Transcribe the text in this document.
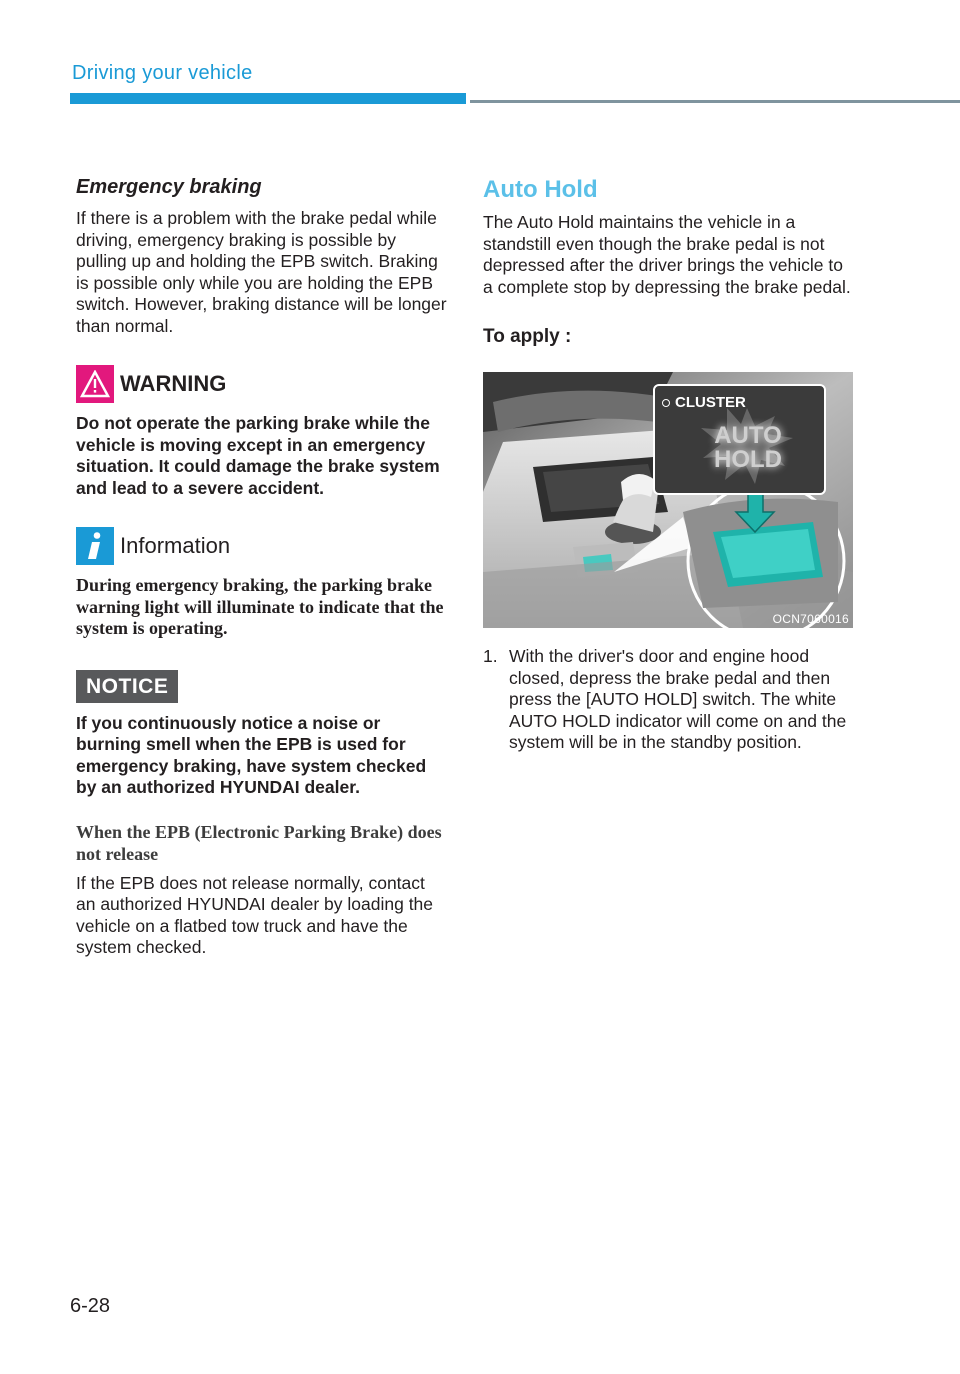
Driving your vehicle
Emergency braking

If there is a problem with the brake pedal while driving, emergency braking is possible by pulling up and holding the EPB switch. Braking is possible only while you are holding the EPB switch. However, braking distance will be longer than normal.

WARNING

Do not operate the parking brake while the vehicle is moving except in an emergency situation. It could damage the brake system and lead to a severe accident.

Information

During emergency braking, the parking brake warning light will illuminate to indicate that the system is operating.

NOTICE

If you continuously notice a noise or burning smell when the EPB is used for emergency braking, have system checked by an authorized HYUNDAI dealer.

When the EPB (Electronic Parking Brake) does not release

If the EPB does not release normally, contact an authorized HYUNDAI dealer by loading the vehicle on a flatbed tow truck and have the system checked.

Auto Hold

The Auto Hold maintains the vehicle in a standstill even though the brake pedal is not depressed after the driver brings the vehicle to a complete stop by depressing the brake pedal.

To apply :
CLUSTER
AUTO
HOLD
OCN7060016
1. With the driver's door and engine hood closed, depress the brake pedal and then press the [AUTO HOLD] switch. The white AUTO HOLD indicator will come on and the system will be in the standby position.
6-28
